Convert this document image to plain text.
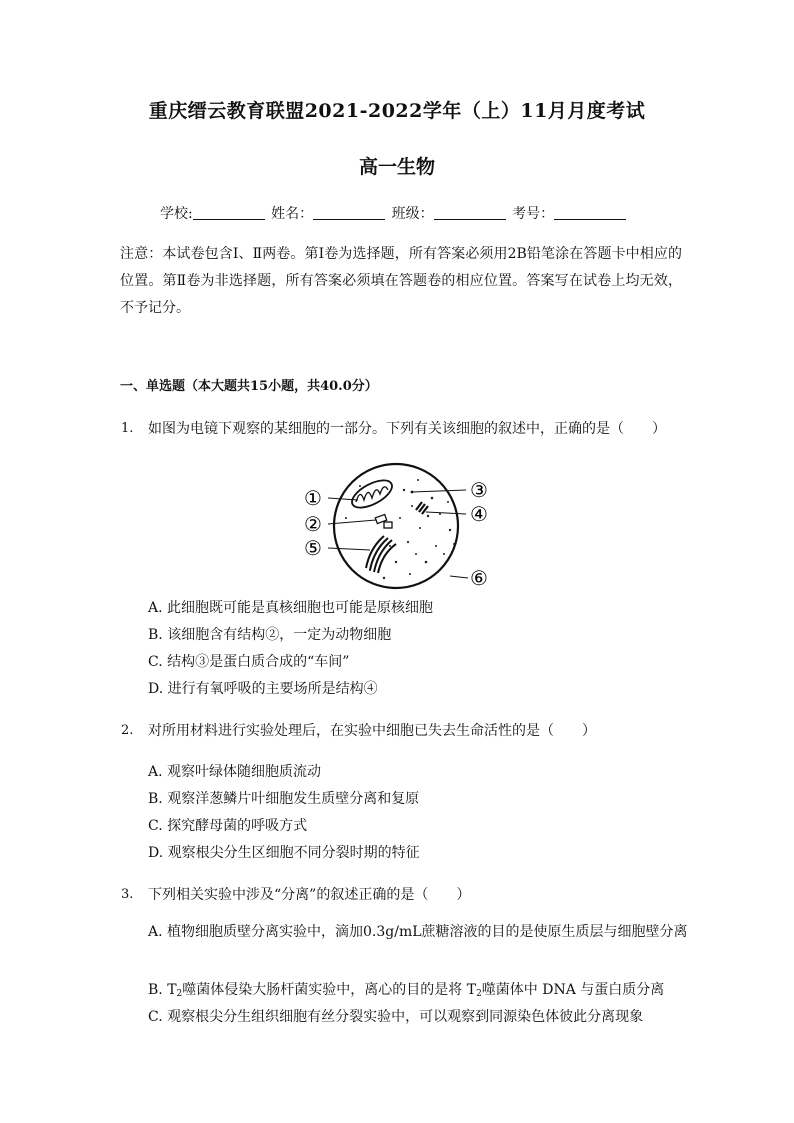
重庆缙云教育联盟2021-2022学年（上）11月月度考试
高一生物
学校:	姓名：	班级：	考号：
注意：本试卷包含Ⅰ、Ⅱ两卷。第Ⅰ卷为选择题，所有答案必须用2B铅笔涂在答题卡中相应的位置。第Ⅱ卷为非选择题，所有答案必须填在答题卷的相应位置。答案写在试卷上均无效，不予记分。
一、单选题（本大题共15小题，共40.0分）
1. 如图为电镜下观察的某细胞的一部分。下列有关该细胞的叙述中，正确的是（　　）
①
②
③
④
⑤
⑥
A. 此细胞既可能是真核细胞也可能是原核细胞
B. 该细胞含有结构②，一定为动物细胞
C. 结构③是蛋白质合成的“车间”
D. 进行有氧呼吸的主要场所是结构④
2. 对所用材料进行实验处理后，在实验中细胞已失去生命活性的是（　　）
A. 观察叶绿体随细胞质流动
B. 观察洋葱鳞片叶细胞发生质壁分离和复原
C. 探究酵母菌的呼吸方式
D. 观察根尖分生区细胞不同分裂时期的特征
3. 下列相关实验中涉及“分离”的叙述正确的是（　　）
A. 植物细胞质壁分离实验中，滴加0.3g/mL蔗糖溶液的目的是使原生质层与细胞壁分离
B. $T_2$噬菌体侵染大肠杆菌实验中，离心的目的是将 $T_2$噬菌体中 DNA 与蛋白质分离
C. 观察根尖分生组织细胞有丝分裂实验中，可以观察到同源染色体彼此分离现象
